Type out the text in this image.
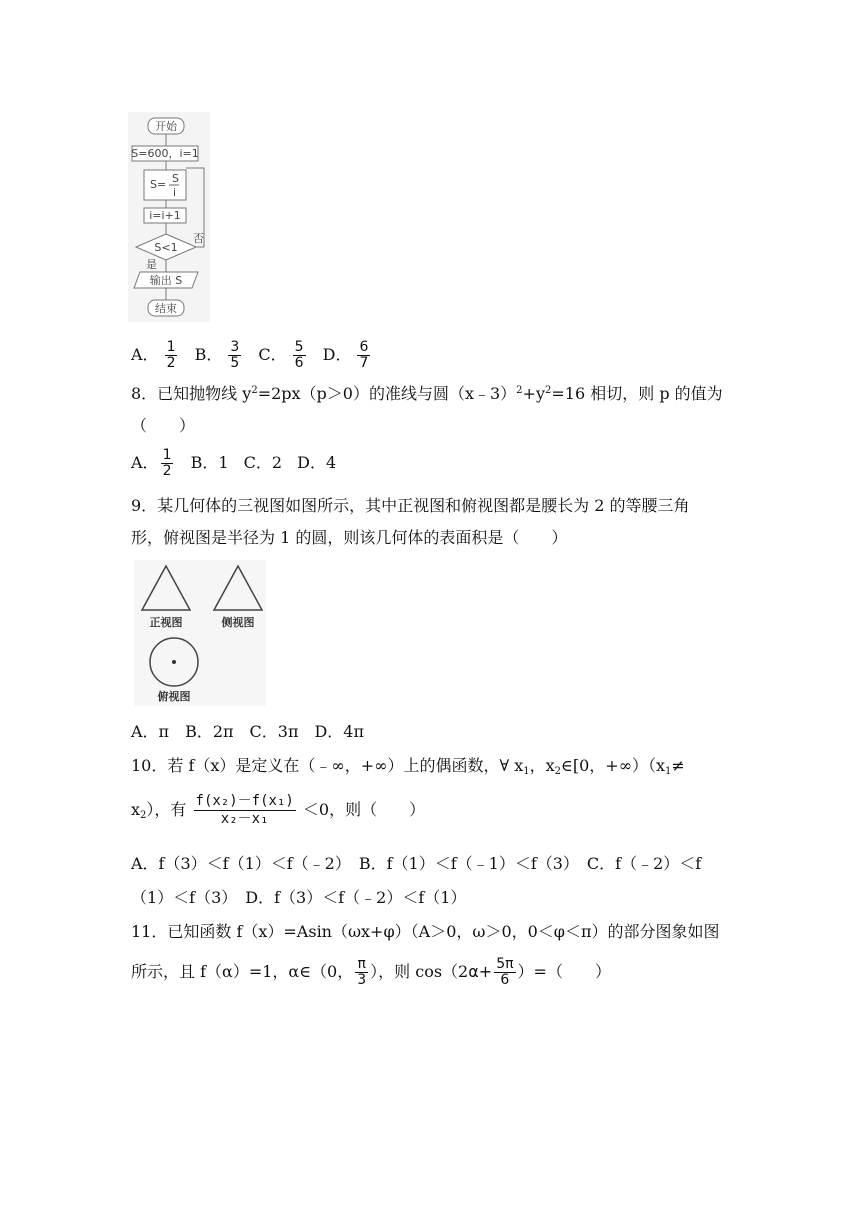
开始
S=600，i=1
S= S
i
i=i+1
S<1
否
是
输出 S
结束
A． $\frac{1}{2}$ B． $\frac{3}{5}$ C． $\frac{5}{6}$ D． $\frac{6}{7}$
8．已知抛物线 $y^2=2px(p>0)$的准线与圆$(x﹣3)^2+y^2=16$ 相切，则 p 的值为
（　　）
A． $\frac{1}{2}$ B．1 C．2 D．4
9．某几何体的三视图如图所示，其中正视图和俯视图都是腰长为 2 的等腰三角
形，俯视图是半径为 1 的圆，则该几何体的表面积是（　　）
正视图	侧视图
俯视图
A．π　B．2π　C．3π　D．4π
10．若 f（x）是定义在（﹣∞，+∞）上的偶函数，∀ $x_1$，$x_2\in[0$，$+\infty)(x_1\ne$
$x_2$），有 $\frac{\text{f(x₂)－f(x₁)}}{\text{x₂－x₁}} <0$，则（　　）
A．f（3）＜f（1）＜f（﹣2）　B．f（1）＜f（﹣1）＜f（3）　C．f（﹣2）＜f
（1）＜f（3）　D．f（3）＜f（﹣2）＜f（1）
11．已知函数 f（x）=Asin（ωx+φ）（A＞0，ω＞0，0＜φ＜π）的部分图象如图
所示，且 f（α）=1，α∈（0， $\frac{\pi}{3}$ ），则 $\cos(2\alpha+ \frac{5\pi}{6}$ ）=（　　）
